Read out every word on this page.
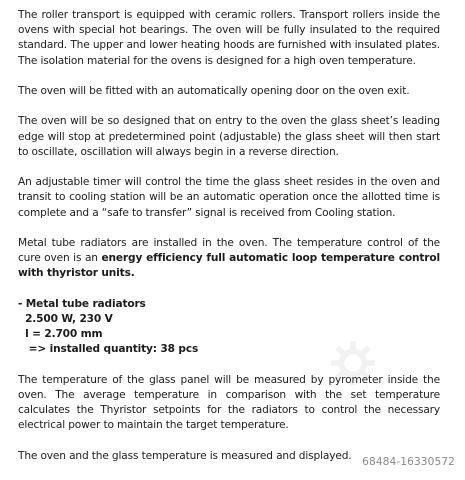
The roller transport is equipped with ceramic rollers. Transport rollers inside the ovens with special hot bearings. The oven will be fully insulated to the required standard. The upper and lower heating hoods are furnished with insulated plates. The isolation material for the ovens is designed for a high oven temperature.

The oven will be fitted with an automatically opening door on the oven exit.

The oven will be so designed that on entry to the oven the glass sheet’s leading edge will stop at predetermined point (adjustable) the glass sheet will then start to oscillate, oscillation will always begin in a reverse direction.

An adjustable timer will control the time the glass sheet resides in the oven and transit to cooling station will be an automatic operation once the allotted time is complete and a “safe to transfer” signal is received from Cooling station.

Metal tube radiators are installed in the oven. The temperature control of the cure oven is an energy efficiency full automatic loop temperature control with thyristor units.

- Metal tube radiators
2.500 W, 230 V
l = 2.700 mm
=> installed quantity: 38 pcs

The temperature of the glass panel will be measured by pyrometer inside the oven. The average temperature in comparison with the set temperature calculates the Thyristor setpoints for the radiators to control the necessary electrical power to maintain the target temperature.

The oven and the glass temperature is measured and displayed.

68484-16330572
